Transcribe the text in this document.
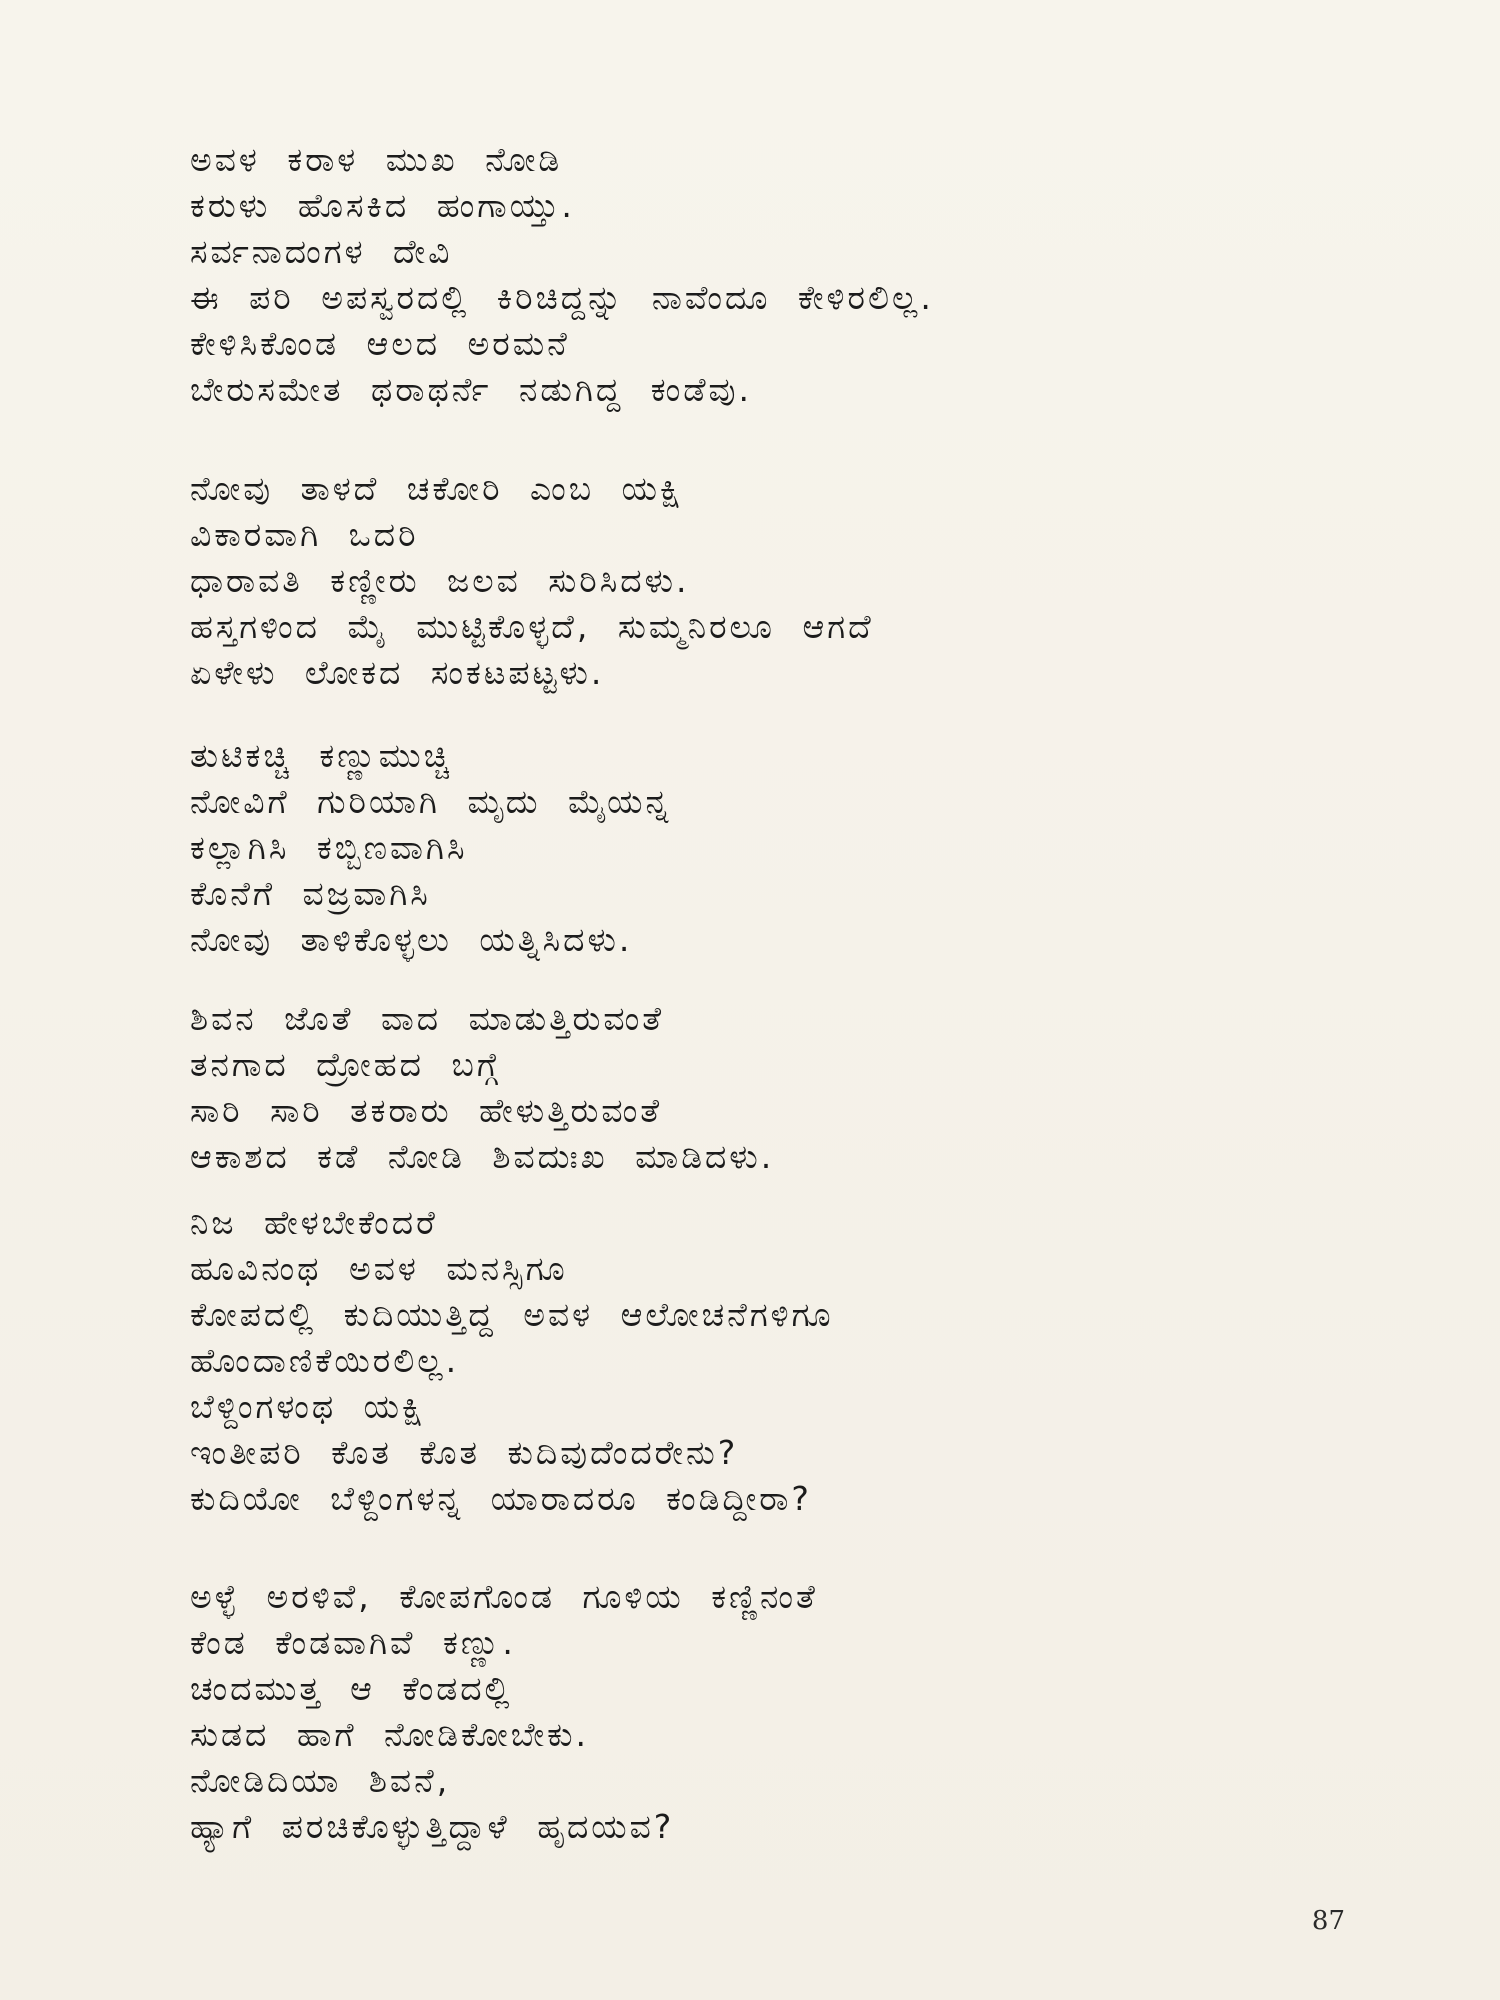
ಅವಳ ಕರಾಳ ಮುಖ ನೋಡಿ
ಕರುಳು ಹೊಸಕಿದ ಹಂಗಾಯ್ತು.
ಸರ್ವನಾದಂಗಳ ದೇವಿ
ಈ ಪರಿ ಅಪಸ್ವರದಲ್ಲಿ ಕಿರಿಚಿದ್ದನ್ನು ನಾವೆಂದೂ ಕೇಳಿರಲಿಲ್ಲ.
ಕೇಳಿಸಿಕೊಂಡ ಆಲದ ಅರಮನೆ
ಬೇರುಸಮೇತ ಥರಾಥರ್ನೆ ನಡುಗಿದ್ದ ಕಂಡೆವು.
ನೋವು ತಾಳದೆ ಚಕೋರಿ ಎಂಬ ಯಕ್ಷಿ
ವಿಕಾರವಾಗಿ ಒದರಿ
ಧಾರಾವತಿ ಕಣ್ಣೀರು ಜಲವ ಸುರಿಸಿದಳು.
ಹಸ್ತಗಳಿಂದ ಮೈ ಮುಟ್ಟಿಕೊಳ್ಳದೆ, ಸುಮ್ಮನಿರಲೂ ಆಗದೆ
ಏಳೇಳು ಲೋಕದ ಸಂಕಟಪಟ್ಟಳು.
ತುಟಿಕಚ್ಚಿ ಕಣ್ಣುಮುಚ್ಚಿ
ನೋವಿಗೆ ಗುರಿಯಾಗಿ ಮೃದು ಮೈಯನ್ನ
ಕಲ್ಲಾಗಿಸಿ ಕಬ್ಬಿಣವಾಗಿಸಿ
ಕೊನೆಗೆ ವಜ್ರವಾಗಿಸಿ
ನೋವು ತಾಳಿಕೊಳ್ಳಲು ಯತ್ನಿಸಿದಳು.
ಶಿವನ ಜೊತೆ ವಾದ ಮಾಡುತ್ತಿರುವಂತೆ
ತನಗಾದ ದ್ರೋಹದ ಬಗ್ಗೆ
ಸಾರಿ ಸಾರಿ ತಕರಾರು ಹೇಳುತ್ತಿರುವಂತೆ
ಆಕಾಶದ ಕಡೆ ನೋಡಿ ಶಿವದುಃಖ ಮಾಡಿದಳು.
ನಿಜ ಹೇಳಬೇಕೆಂದರೆ
ಹೂವಿನಂಥ ಅವಳ ಮನಸ್ಸಿಗೂ
ಕೋಪದಲ್ಲಿ ಕುದಿಯುತ್ತಿದ್ದ ಅವಳ ಆಲೋಚನೆಗಳಿಗೂ
ಹೊಂದಾಣಿಕೆಯಿರಲಿಲ್ಲ.
ಬೆಳ್ದಿಂಗಳಂಥ ಯಕ್ಷಿ
ಇಂತೀಪರಿ ಕೊತ ಕೊತ ಕುದಿವುದೆಂದರೇನು?
ಕುದಿಯೋ ಬೆಳ್ದಿಂಗಳನ್ನ ಯಾರಾದರೂ ಕಂಡಿದ್ದೀರಾ?
ಅಳ್ಳೆ ಅರಳಿವೆ, ಕೋಪಗೊಂಡ ಗೂಳಿಯ ಕಣ್ಣಿನಂತೆ
ಕೆಂಡ ಕೆಂಡವಾಗಿವೆ ಕಣ್ಣು.
ಚಂದಮುತ್ತ ಆ ಕೆಂಡದಲ್ಲಿ
ಸುಡದ ಹಾಗೆ ನೋಡಿಕೋಬೇಕು.
ನೋಡಿದಿಯಾ ಶಿವನೆ,
ಹ್ಯಾಗೆ ಪರಚಿಕೊಳ್ಳುತ್ತಿದ್ದಾಳೆ ಹೃದಯವ?
87
